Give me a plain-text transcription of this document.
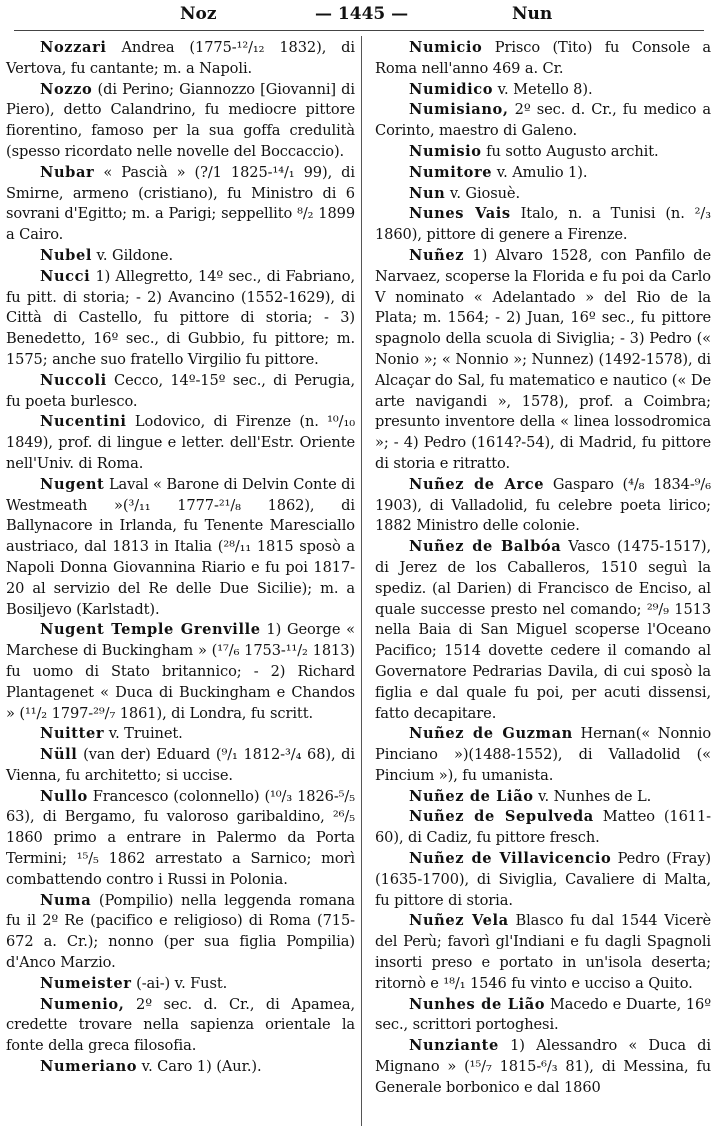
Noz	— 1445 —	Nun

Nozzari Andrea (1775-¹²/₁₂ 1832), di Vertova, fu cantante; m. a Napoli.

Nozzo (di Perino; Giannozzo [Giovanni] di Piero), detto Calandrino, fu mediocre pittore fiorentino, famoso per la sua goffa credulità (spesso ricordato nelle novelle del Boccaccio).

Nubar « Pascià » (?/1 1825-¹⁴/₁ 99), di Smirne, armeno (cristiano), fu Ministro di 6 sovrani d'Egitto; m. a Parigi; seppellito ⁸/₂ 1899 a Cairo.

Nubel v. Gildone.

Nucci 1) Allegretto, 14º sec., di Fabriano, fu pitt. di storia; - 2) Avancino (1552-1629), di Città di Castello, fu pittore di storia; - 3) Benedetto, 16º sec., di Gubbio, fu pittore; m. 1575; anche suo fratello Virgilio fu pittore.

Nuccoli Cecco, 14º-15º sec., di Perugia, fu poeta burlesco.

Nucentini Lodovico, di Firenze (n. ¹⁰/₁₀ 1849), prof. di lingue e letter. dell'Estr. Oriente nell'Univ. di Roma.

Nugent Laval « Barone di Delvin Conte di Westmeath »(³/₁₁ 1777-²¹/₈ 1862), di Ballynacore in Irlanda, fu Tenente Maresciallo austriaco, dal 1813 in Italia (²⁸/₁₁ 1815 sposò a Napoli Donna Giovannina Riario e fu poi 1817-20 al servizio del Re delle Due Sicilie); m. a Bosiljevo (Karlstadt).

Nugent Temple Grenville 1) George « Marchese di Buckingham » (¹⁷/₆ 1753-¹¹/₂ 1813) fu uomo di Stato britannico; - 2) Richard Plantagenet « Duca di Buckingham e Chandos » (¹¹/₂ 1797-²⁹/₇ 1861), di Londra, fu scritt.

Nuitter v. Truinet.

Nüll (van der) Eduard (⁹/₁ 1812-³/₄ 68), di Vienna, fu architetto; si uccise.

Nullo Francesco (colonnello) (¹⁰/₃ 1826-⁵/₅ 63), di Bergamo, fu valoroso garibaldino, ²⁶/₅ 1860 primo a entrare in Palermo da Porta Termini; ¹⁵/₅ 1862 arrestato a Sarnico; morì combattendo contro i Russi in Polonia.

Numa (Pompilio) nella leggenda romana fu il 2º Re (pacifico e religioso) di Roma (715-672 a. Cr.); nonno (per sua figlia Pompilia) d'Anco Marzio.

Numeister (-ai-) v. Fust.

Numenio, 2º sec. d. Cr., di Apamea, credette trovare nella sapienza orientale la fonte della greca filosofia.

Numeriano v. Caro 1) (Aur.).

Numicio Prisco (Tito) fu Console a Roma nell'anno 469 a. Cr.

Numidico v. Metello 8).

Numisiano, 2º sec. d. Cr., fu medico a Corinto, maestro di Galeno.

Numisio fu sotto Augusto archit.

Numitore v. Amulio 1).

Nun v. Giosuè.

Nunes Vais Italo, n. a Tunisi (n. ²/₃ 1860), pittore di genere a Firenze.

Nuñez 1) Alvaro 1528, con Panfilo de Narvaez, scoperse la Florida e fu poi da Carlo V nominato « Adelantado » del Rio de la Plata; m. 1564; - 2) Juan, 16º sec., fu pittore spagnolo della scuola di Siviglia; - 3) Pedro (« Nonio »; « Nonnio »; Nunnez) (1492-1578), di Alcaçar do Sal, fu matematico e nautico (« De arte navigandi », 1578), prof. a Coimbra; presunto inventore della « linea lossodromica »; - 4) Pedro (1614?-54), di Madrid, fu pittore di storia e ritratto.

Nuñez de Arce Gasparo (⁴/₈ 1834-⁹/₆ 1903), di Valladolid, fu celebre poeta lirico; 1882 Ministro delle colonie.

Nuñez de Balbóa Vasco (1475-1517), di Jerez de los Caballeros, 1510 seguì la spediz. (al Darien) di Francisco de Enciso, al quale successe presto nel comando; ²⁹/₉ 1513 nella Baia di San Miguel scoperse l'Oceano Pacifico; 1514 dovette cedere il comando al Governatore Pedrarias Davila, di cui sposò la figlia e dal quale fu poi, per acuti dissensi, fatto decapitare.

Nuñez de Guzman Hernan(« Nonnio Pinciano »)(1488-1552), di Valladolid (« Pincium »), fu umanista.

Nuñez de Lião v. Nunhes de L.

Nuñez de Sepulveda Matteo (1611-60), di Cadiz, fu pittore fresch.

Nuñez de Villavicencio Pedro (Fray) (1635-1700), di Siviglia, Cavaliere di Malta, fu pittore di storia.

Nuñez Vela Blasco fu dal 1544 Vicerè del Perù; favorì gl'Indiani e fu dagli Spagnoli insorti preso e portato in un'isola deserta; ritornò e ¹⁸/₁ 1546 fu vinto e ucciso a Quito.

Nunhes de Lião Macedo e Duarte, 16º sec., scrittori portoghesi.

Nunziante 1) Alessandro « Duca di Mignano » (¹⁵/₇ 1815-⁶/₃ 81), di Messina, fu Generale borbonico e dal 1860
